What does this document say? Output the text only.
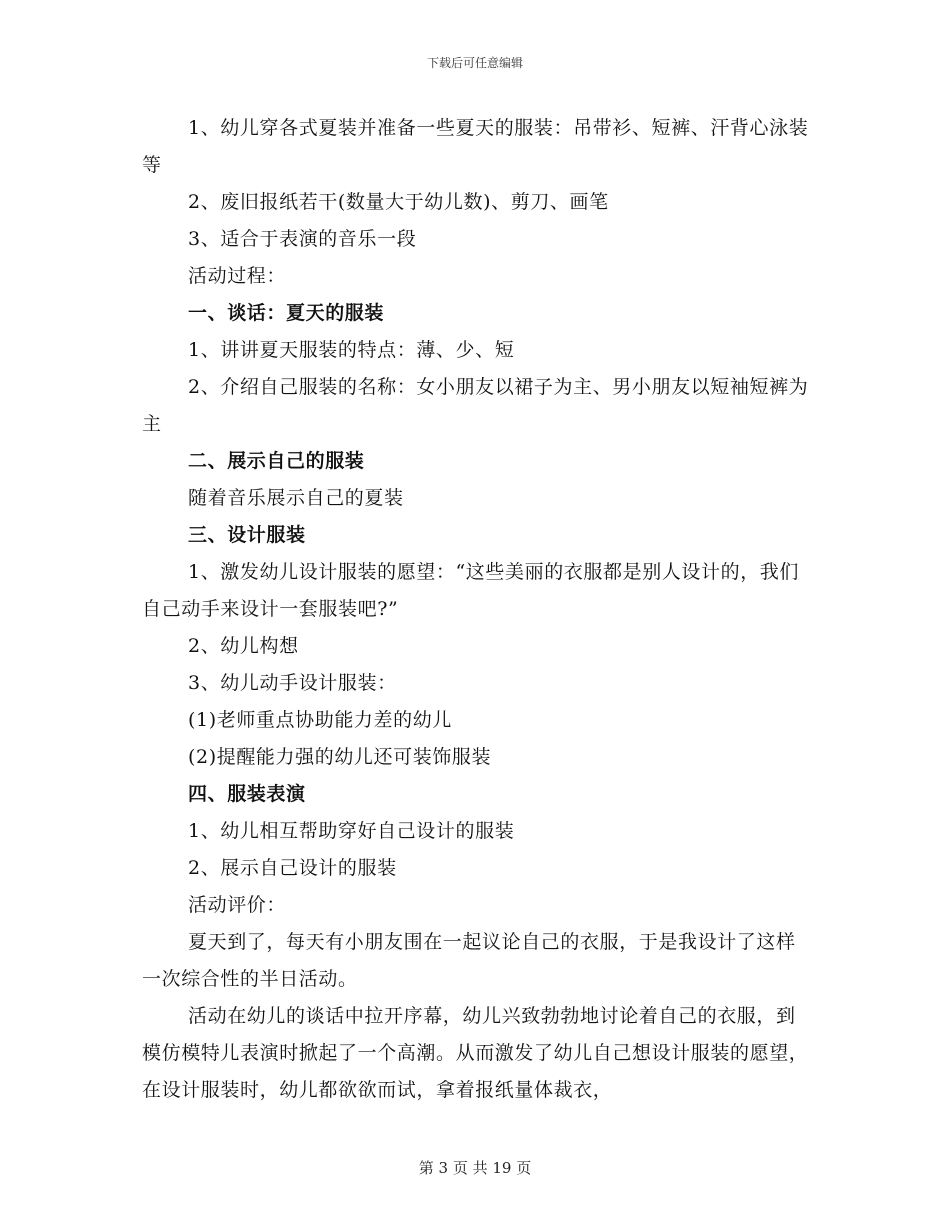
下载后可任意编辑

1、幼儿穿各式夏装并准备一些夏天的服装：吊带衫、短裤、汗背心泳装等

2、废旧报纸若干(数量大于幼儿数)、剪刀、画笔

3、适合于表演的音乐一段

活动过程：

一、谈话：夏天的服装

1、讲讲夏天服装的特点：薄、少、短

2、介绍自己服装的名称：女小朋友以裙子为主、男小朋友以短袖短裤为主

二、展示自己的服装

随着音乐展示自己的夏装

三、设计服装

1、激发幼儿设计服装的愿望：“这些美丽的衣服都是别人设计的，我们自己动手来设计一套服装吧?”

2、幼儿构想

3、幼儿动手设计服装：

(1)老师重点协助能力差的幼儿

(2)提醒能力强的幼儿还可装饰服装

四、服装表演

1、幼儿相互帮助穿好自己设计的服装

2、展示自己设计的服装

活动评价：

夏天到了，每天有小朋友围在一起议论自己的衣服，于是我设计了这样一次综合性的半日活动。

活动在幼儿的谈话中拉开序幕，幼儿兴致勃勃地讨论着自己的衣服，到模仿模特儿表演时掀起了一个高潮。从而激发了幼儿自己想设计服装的愿望，在设计服装时，幼儿都欲欲而试，拿着报纸量体裁衣，

第 3 页 共 19 页
